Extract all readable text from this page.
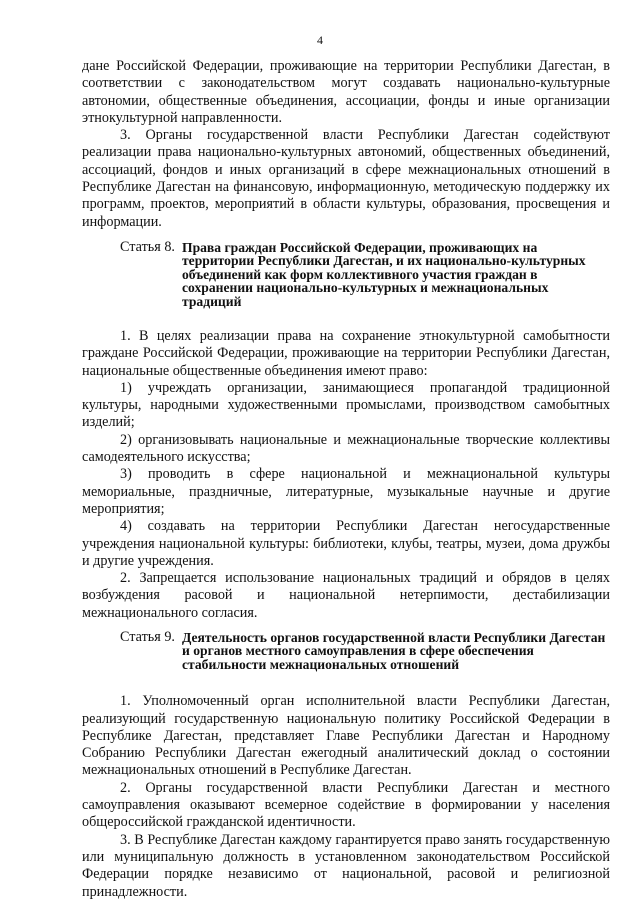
4

дане Российской Федерации, проживающие на территории Республики Дагестан, в соответствии с законодательством могут создавать национально-культурные автономии, общественные объединения, ассоциации, фонды и иные организации этнокультурной направленности.

3. Органы государственной власти Республики Дагестан содействуют реализации права национально-культурных автономий, общественных объединений, ассоциаций, фондов и иных организаций в сфере межнациональных отношений в Республике Дагестан на финансовую, информационную, методическую поддержку их программ, проектов, мероприятий в области культуры, образования, просвещения и информации.

Статья 8. Права граждан Российской Федерации, проживающих на территории Республики Дагестан, и их национально-культурных объединений как форм коллективного участия граждан в сохранении национально-культурных и межнациональных традиций

1. В целях реализации права на сохранение этнокультурной самобытности граждане Российской Федерации, проживающие на территории Республики Дагестан, национальные общественные объединения имеют право:

1) учреждать организации, занимающиеся пропагандой традиционной культуры, народными художественными промыслами, производством самобытных изделий;

2) организовывать национальные и межнациональные творческие коллективы самодеятельного искусства;

3) проводить в сфере национальной и межнациональной культуры мемориальные, праздничные, литературные, музыкальные научные и другие мероприятия;

4) создавать на территории Республики Дагестан негосударственные учреждения национальной культуры: библиотеки, клубы, театры, музеи, дома дружбы и другие учреждения.

2. Запрещается использование национальных традиций и обрядов в целях возбуждения расовой и национальной нетерпимости, дестабилизации межнационального согласия.

Статья 9. Деятельность органов государственной власти Республики Дагестан и органов местного самоуправления в сфере обеспечения стабильности межнациональных отношений

1. Уполномоченный орган исполнительной власти Республики Дагестан, реализующий государственную национальную политику Российской Федерации в Республике Дагестан, представляет Главе Республики Дагестан и Народному Собранию Республики Дагестан ежегодный аналитический доклад о состоянии межнациональных отношений в Республике Дагестан.

2. Органы государственной власти Республики Дагестан и местного самоуправления оказывают всемерное содействие в формировании у населения общероссийской гражданской идентичности.

3. В Республике Дагестан каждому гарантируется право занять государственную или муниципальную должность в установленном законодательством Российской Федерации порядке независимо от национальной, расовой и религиозной принадлежности.
